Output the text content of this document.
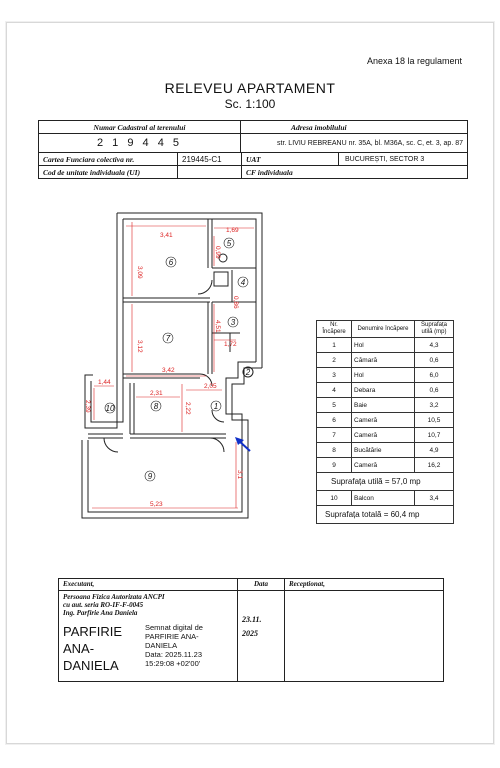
Anexa 18 la regulament
RELEVEU APARTAMENT
Sc. 1:100
Numar Cadastral al terenului	Adresa imobilului
2 1 9 4 4 5	str. LIVIU REBREANU nr. 35A, bl. M36A, sc. C, et. 3, ap. 87
Cartea Funciara colectiva nr.	219445-C1	UAT	BUCUREȘTI, SECTOR 3
Cod de unitate individuala (UI)	CF individuala
3,41
1,69
3,09
0,99
0,86
3,12
4,51
1,72
3,42
1,44
2,39
2,31
2,05
2,22
5,23
3,1
1
2
3
4
5
6
7
8
9
10
Nr. Încăpere	Denumire încăpere	Suprafața utilă (mp)
1	Hol	4,3
2	Cămară	0,6
3	Hol	6,0
4	Debara	0,6
5	Baie	3,2
6	Cameră	10,5
7	Cameră	10,7
8	Bucătărie	4,9
9	Cameră	16,2
Suprafața utilă = 57,0 mp		
10	Balcon	3,4
Suprafața totală = 60,4 mp		
Executant,
Persoana Fizica Autorizata ANCPI
cu aut. seria RO-IF-F-0045
Ing. Parfirie Ana Daniela
PARFIRIE
ANA-
DANIELA
Semnat digital de
PARFIRIE ANA-
DANIELA
Data: 2025.11.23
15:29:08 +02'00'
Data
23.11.
2025
Receptionat,
